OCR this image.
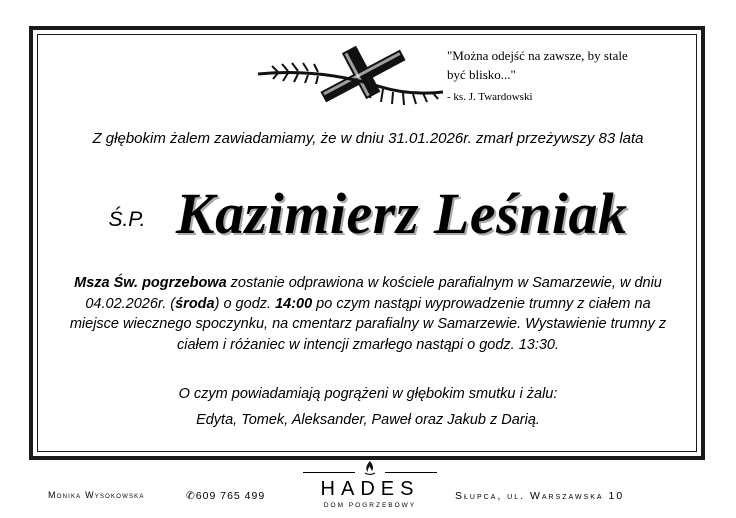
"Można odejść na zawsze, by stale
być blisko..."
- ks. J. Twardowski
Z głębokim żalem zawiadamiamy, że w dniu 31.01.2026r. zmarł przeżywszy 83 lata
Ś.P. Kazimierz Leśniak
Msza Św. pogrzebowa zostanie odprawiona w kościele parafialnym w Samarzewie, w dniu 04.02.2026r. (środa) o godz. 14:00 po czym nastąpi wyprowadzenie trumny z ciałem na miejsce wiecznego spoczynku, na cmentarz parafialny w Samarzewie. Wystawienie trumny z ciałem i różaniec w intencji zmarłego nastąpi o godz. 13:30.
O czym powiadamiają pogrążeni w głębokim smutku i żalu:
Edyta, Tomek, Aleksander, Paweł oraz Jakub z Darią.
Monika Wysokowska	✆609 765 499	HADES
DOM POGRZEBOWY
Słupca, ul. Warszawska 10
